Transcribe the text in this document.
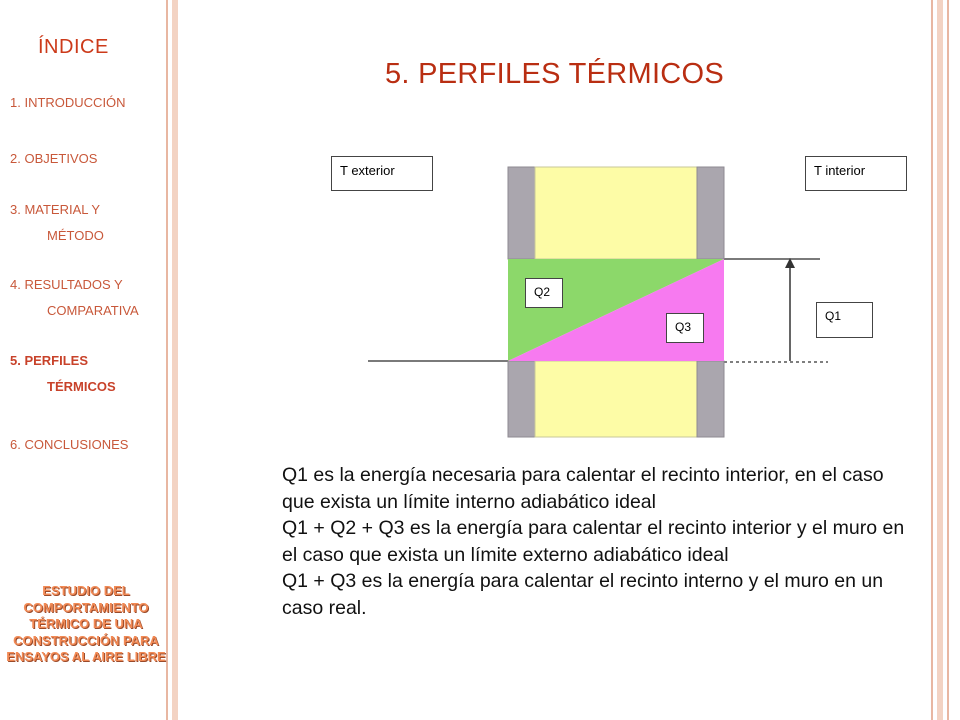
ÍNDICE
1. INTRODUCCIÓN
2. OBJETIVOS
3. MATERIAL Y
MÉTODO
4. RESULTADOS Y
COMPARATIVA
5. PERFILES
TÉRMICOS
6. CONCLUSIONES
ESTUDIO DEL COMPORTAMIENTO TÉRMICO DE UNA CONSTRUCCIÓN PARA ENSAYOS AL AIRE LIBRE
5. PERFILES TÉRMICOS
T exterior	T interior
Q2
Q3
Q1

Q1 es la energía necesaria para calentar el recinto interior, en el caso que exista un límite interno adiabático ideal

Q1 + Q2 + Q3 es la energía para calentar el recinto interior y el muro en el caso que exista un límite externo adiabático ideal

Q1 + Q3 es la energía para calentar el recinto interno y el muro en un caso real.
